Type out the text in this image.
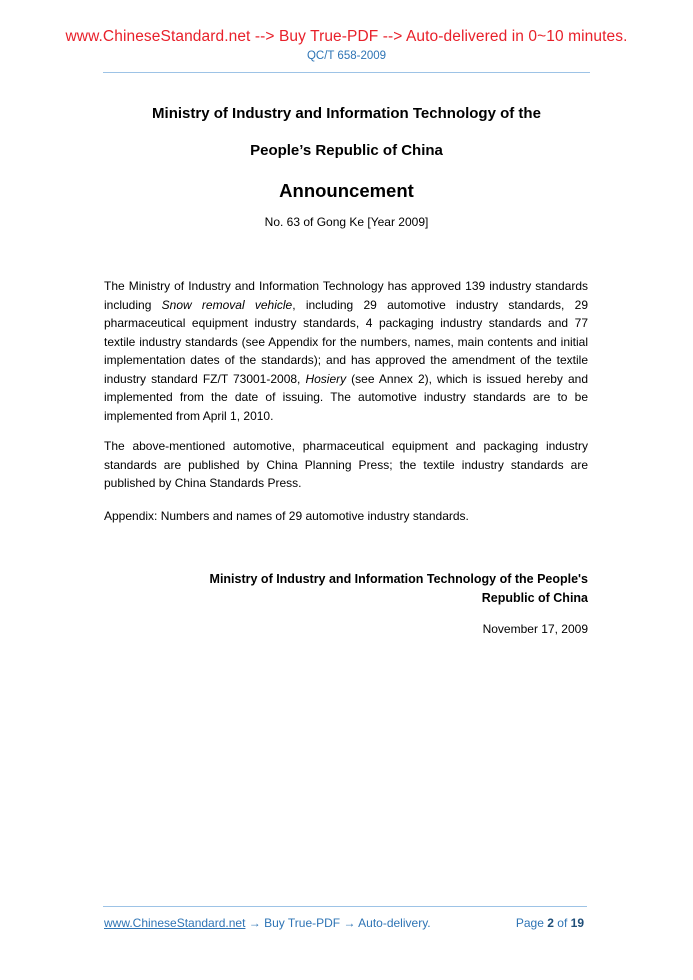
www.ChineseStandard.net --> Buy True-PDF --> Auto-delivered in 0~10 minutes.
QC/T 658-2009
Ministry of Industry and Information Technology of the
People’s Republic of China
Announcement
No. 63 of Gong Ke [Year 2009]

The Ministry of Industry and Information Technology has approved 139 industry standards including Snow removal vehicle, including 29 automotive industry standards, 29 pharmaceutical equipment industry standards, 4 packaging industry standards and 77 textile industry standards (see Appendix for the numbers, names, main contents and initial implementation dates of the standards); and has approved the amendment of the textile industry standard FZ/T 73001-2008, Hosiery (see Annex 2), which is issued hereby and implemented from the date of issuing. The automotive industry standards are to be implemented from April 1, 2010.

The above-mentioned automotive, pharmaceutical equipment and packaging industry standards are published by China Planning Press; the textile industry standards are published by China Standards Press.

Appendix: Numbers and names of 29 automotive industry standards.

Ministry of Industry and Information Technology of the People's
Republic of China
November 17, 2009
www.ChineseStandard.net → Buy True-PDF → Auto-delivery.	Page 2 of 19
